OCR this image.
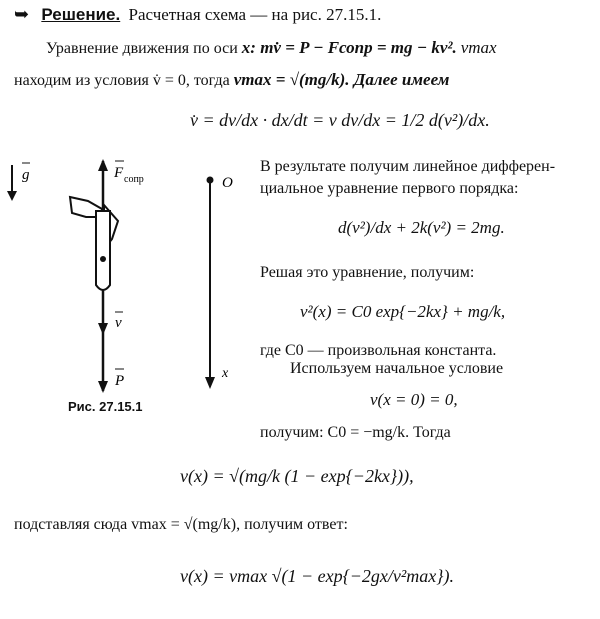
➥ Решение. Расчетная схема — на рис. 27.15.1.
Уравнение движения по оси x: mv̇ = P − Fсопр = mg − kv². vmax
находим из условия v̇ = 0, тогда vmax = √(mg/k). Далее имеем
v̇ = dv/dx · dx/dt = v dv/dx = 1/2 d(v²)/dx.
g	F сопр
v
P
O
x
Рис. 27.15.1
В результате получим линейное дифферен-
циальное уравнение первого порядка:
d(v²)/dx + 2k(v²) = 2mg.
Решая это уравнение, получим:
v²(x) = C0 exp{−2kx} + mg/k,
где C0 — произвольная константа.
Используем начальное условие
v(x = 0) = 0,
получим: C0 = −mg/k. Тогда
v(x) = √(mg/k (1 − exp{−2kx})),
подставляя сюда vmax = √(mg/k), получим ответ:
v(x) = vmax √(1 − exp{−2gx/v²max}).
